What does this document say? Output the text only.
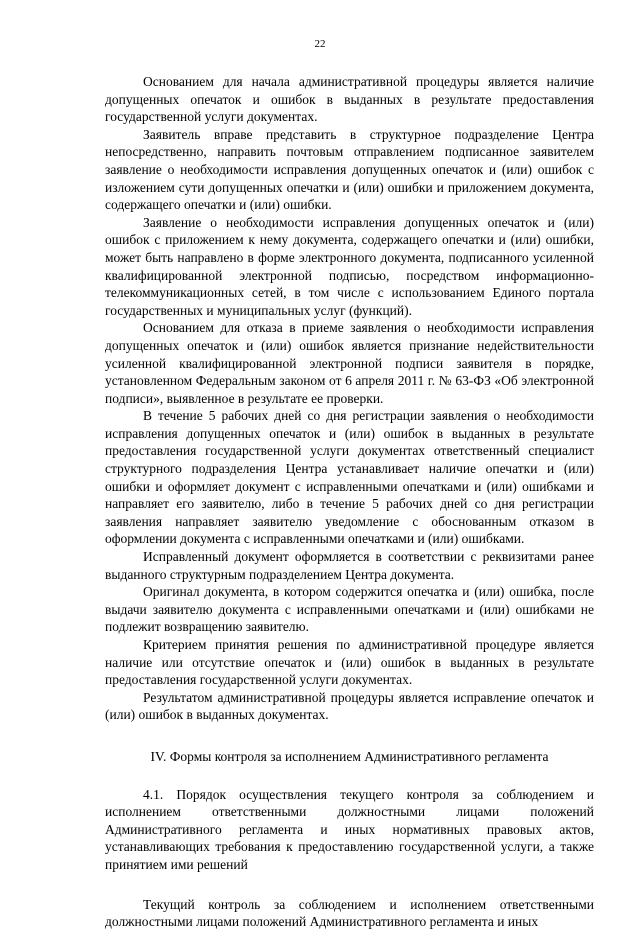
22

Основанием для начала административной процедуры является наличие допущенных опечаток и ошибок в выданных в результате предоставления государственной услуги документах.

Заявитель вправе представить в структурное подразделение Центра непосредственно, направить почтовым отправлением подписанное заявителем заявление о необходимости исправления допущенных опечаток и (или) ошибок с изложением сути допущенных опечатки и (или) ошибки и приложением документа, содержащего опечатки и (или) ошибки.

Заявление о необходимости исправления допущенных опечаток и (или) ошибок с приложением к нему документа, содержащего опечатки и (или) ошибки, может быть направлено в форме электронного документа, подписанного усиленной квалифицированной электронной подписью, посредством информационно-телекоммуникационных сетей, в том числе с использованием Единого портала государственных и муниципальных услуг (функций).

Основанием для отказа в приеме заявления о необходимости исправления допущенных опечаток и (или) ошибок является признание недействительности усиленной квалифицированной электронной подписи заявителя в порядке, установленном Федеральным законом от 6 апреля 2011 г. № 63-ФЗ «Об электронной подписи», выявленное в результате ее проверки.

В течение 5 рабочих дней со дня регистрации заявления о необходимости исправления допущенных опечаток и (или) ошибок в выданных в результате предоставления государственной услуги документах ответственный специалист структурного подразделения Центра устанавливает наличие опечатки и (или) ошибки и оформляет документ с исправленными опечатками и (или) ошибками и направляет его заявителю, либо в течение 5 рабочих дней со дня регистрации заявления направляет заявителю уведомление с обоснованным отказом в оформлении документа с исправленными опечатками и (или) ошибками.

Исправленный документ оформляется в соответствии с реквизитами ранее выданного структурным подразделением Центра документа.

Оригинал документа, в котором содержится опечатка и (или) ошибка, после выдачи заявителю документа с исправленными опечатками и (или) ошибками не подлежит возвращению заявителю.

Критерием принятия решения по административной процедуре является наличие или отсутствие опечаток и (или) ошибок в выданных в результате предоставления государственной услуги документах.

Результатом административной процедуры является исправление опечаток и (или) ошибок в выданных документах.

IV. Формы контроля за исполнением Административного регламента

4.1. Порядок осуществления текущего контроля за соблюдением и исполнением ответственными должностными лицами положений Административного регламента и иных нормативных правовых актов, устанавливающих требования к предоставлению государственной услуги, а также принятием ими решений

Текущий контроль за соблюдением и исполнением ответственными должностными лицами положений Административного регламента и иных
